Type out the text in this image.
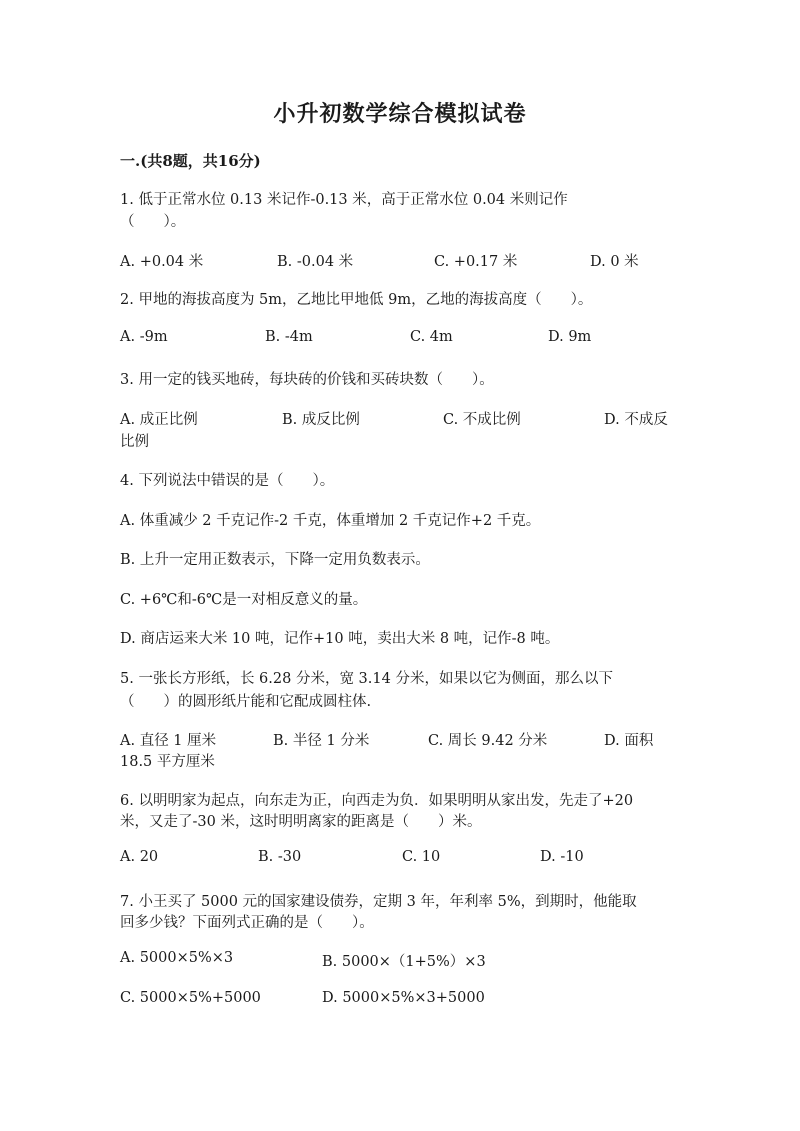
小升初数学综合模拟试卷
一.(共8题，共16分)
1. 低于正常水位 0.13 米记作-0.13 米，高于正常水位 0.04 米则记作
（　　）。
A. +0.04 米	B. -0.04 米	C. +0.17 米	D. 0 米
2. 甲地的海拔高度为 5m，乙地比甲地低 9m，乙地的海拔高度（　　）。
A. -9m	B. -4m	C. 4m	D. 9m
3. 用一定的钱买地砖，每块砖的价钱和买砖块数（　　）。
A. 成正比例	B. 成反比例	C. 不成比例	D. 不成反
比例
4. 下列说法中错误的是（　　）。
A. 体重减少 2 千克记作-2 千克，体重增加 2 千克记作+2 千克。
B. 上升一定用正数表示，下降一定用负数表示。
C. +6℃和-6℃是一对相反意义的量。
D. 商店运来大米 10 吨，记作+10 吨，卖出大米 8 吨，记作-8 吨。
5. 一张长方形纸，长 6.28 分米，宽 3.14 分米，如果以它为侧面，那么以下
（　　）的圆形纸片能和它配成圆柱体.
A. 直径 1 厘米	B. 半径 1 分米	C. 周长 9.42 分米	D. 面积
18.5 平方厘米
6. 以明明家为起点，向东走为正，向西走为负．如果明明从家出发，先走了+20
米，又走了-30 米，这时明明离家的距离是（　　）米。
A. 20	B. -30	C. 10	D. -10
7. 小王买了 5000 元的国家建设债券，定期 3 年，年利率 5%，到期时，他能取
回多少钱？下面列式正确的是（　　）。
A. 5000×5%×3	B. 5000×（1+5%）×3
C. 5000×5%+5000	D. 5000×5%×3+5000
